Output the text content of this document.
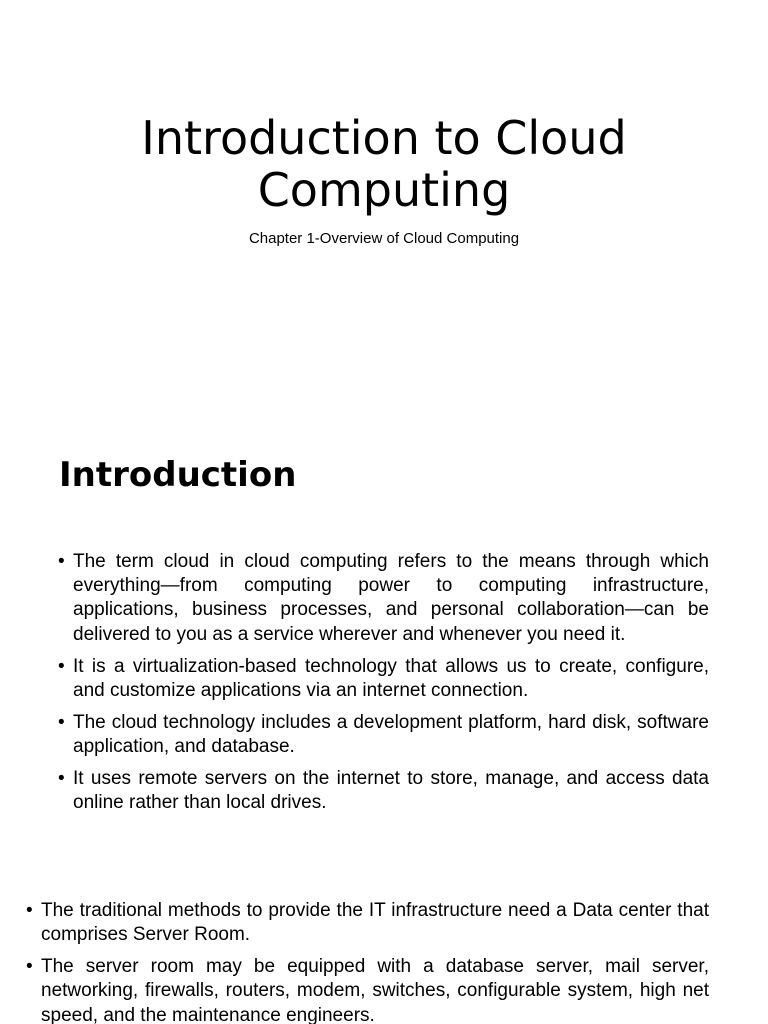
Introduction to Cloud Computing

Chapter 1-Overview of Cloud Computing

Introduction
• The term cloud in cloud computing refers to the means through which everything—from computing power to computing infrastructure, applications, business processes, and personal collaboration—can be delivered to you as a service wherever and whenever you need it.
• It is a virtualization-based technology that allows us to create, configure, and customize applications via an internet connection.
• The cloud technology includes a development platform, hard disk, software application, and database.
• It uses remote servers on the internet to store, manage, and access data online rather than local drives.
• The traditional methods to provide the IT infrastructure need a Data center that comprises Server Room.
• The server room may be equipped with a database server, mail server, networking, firewalls, routers, modem, switches, configurable system, high net speed, and the maintenance engineers.
